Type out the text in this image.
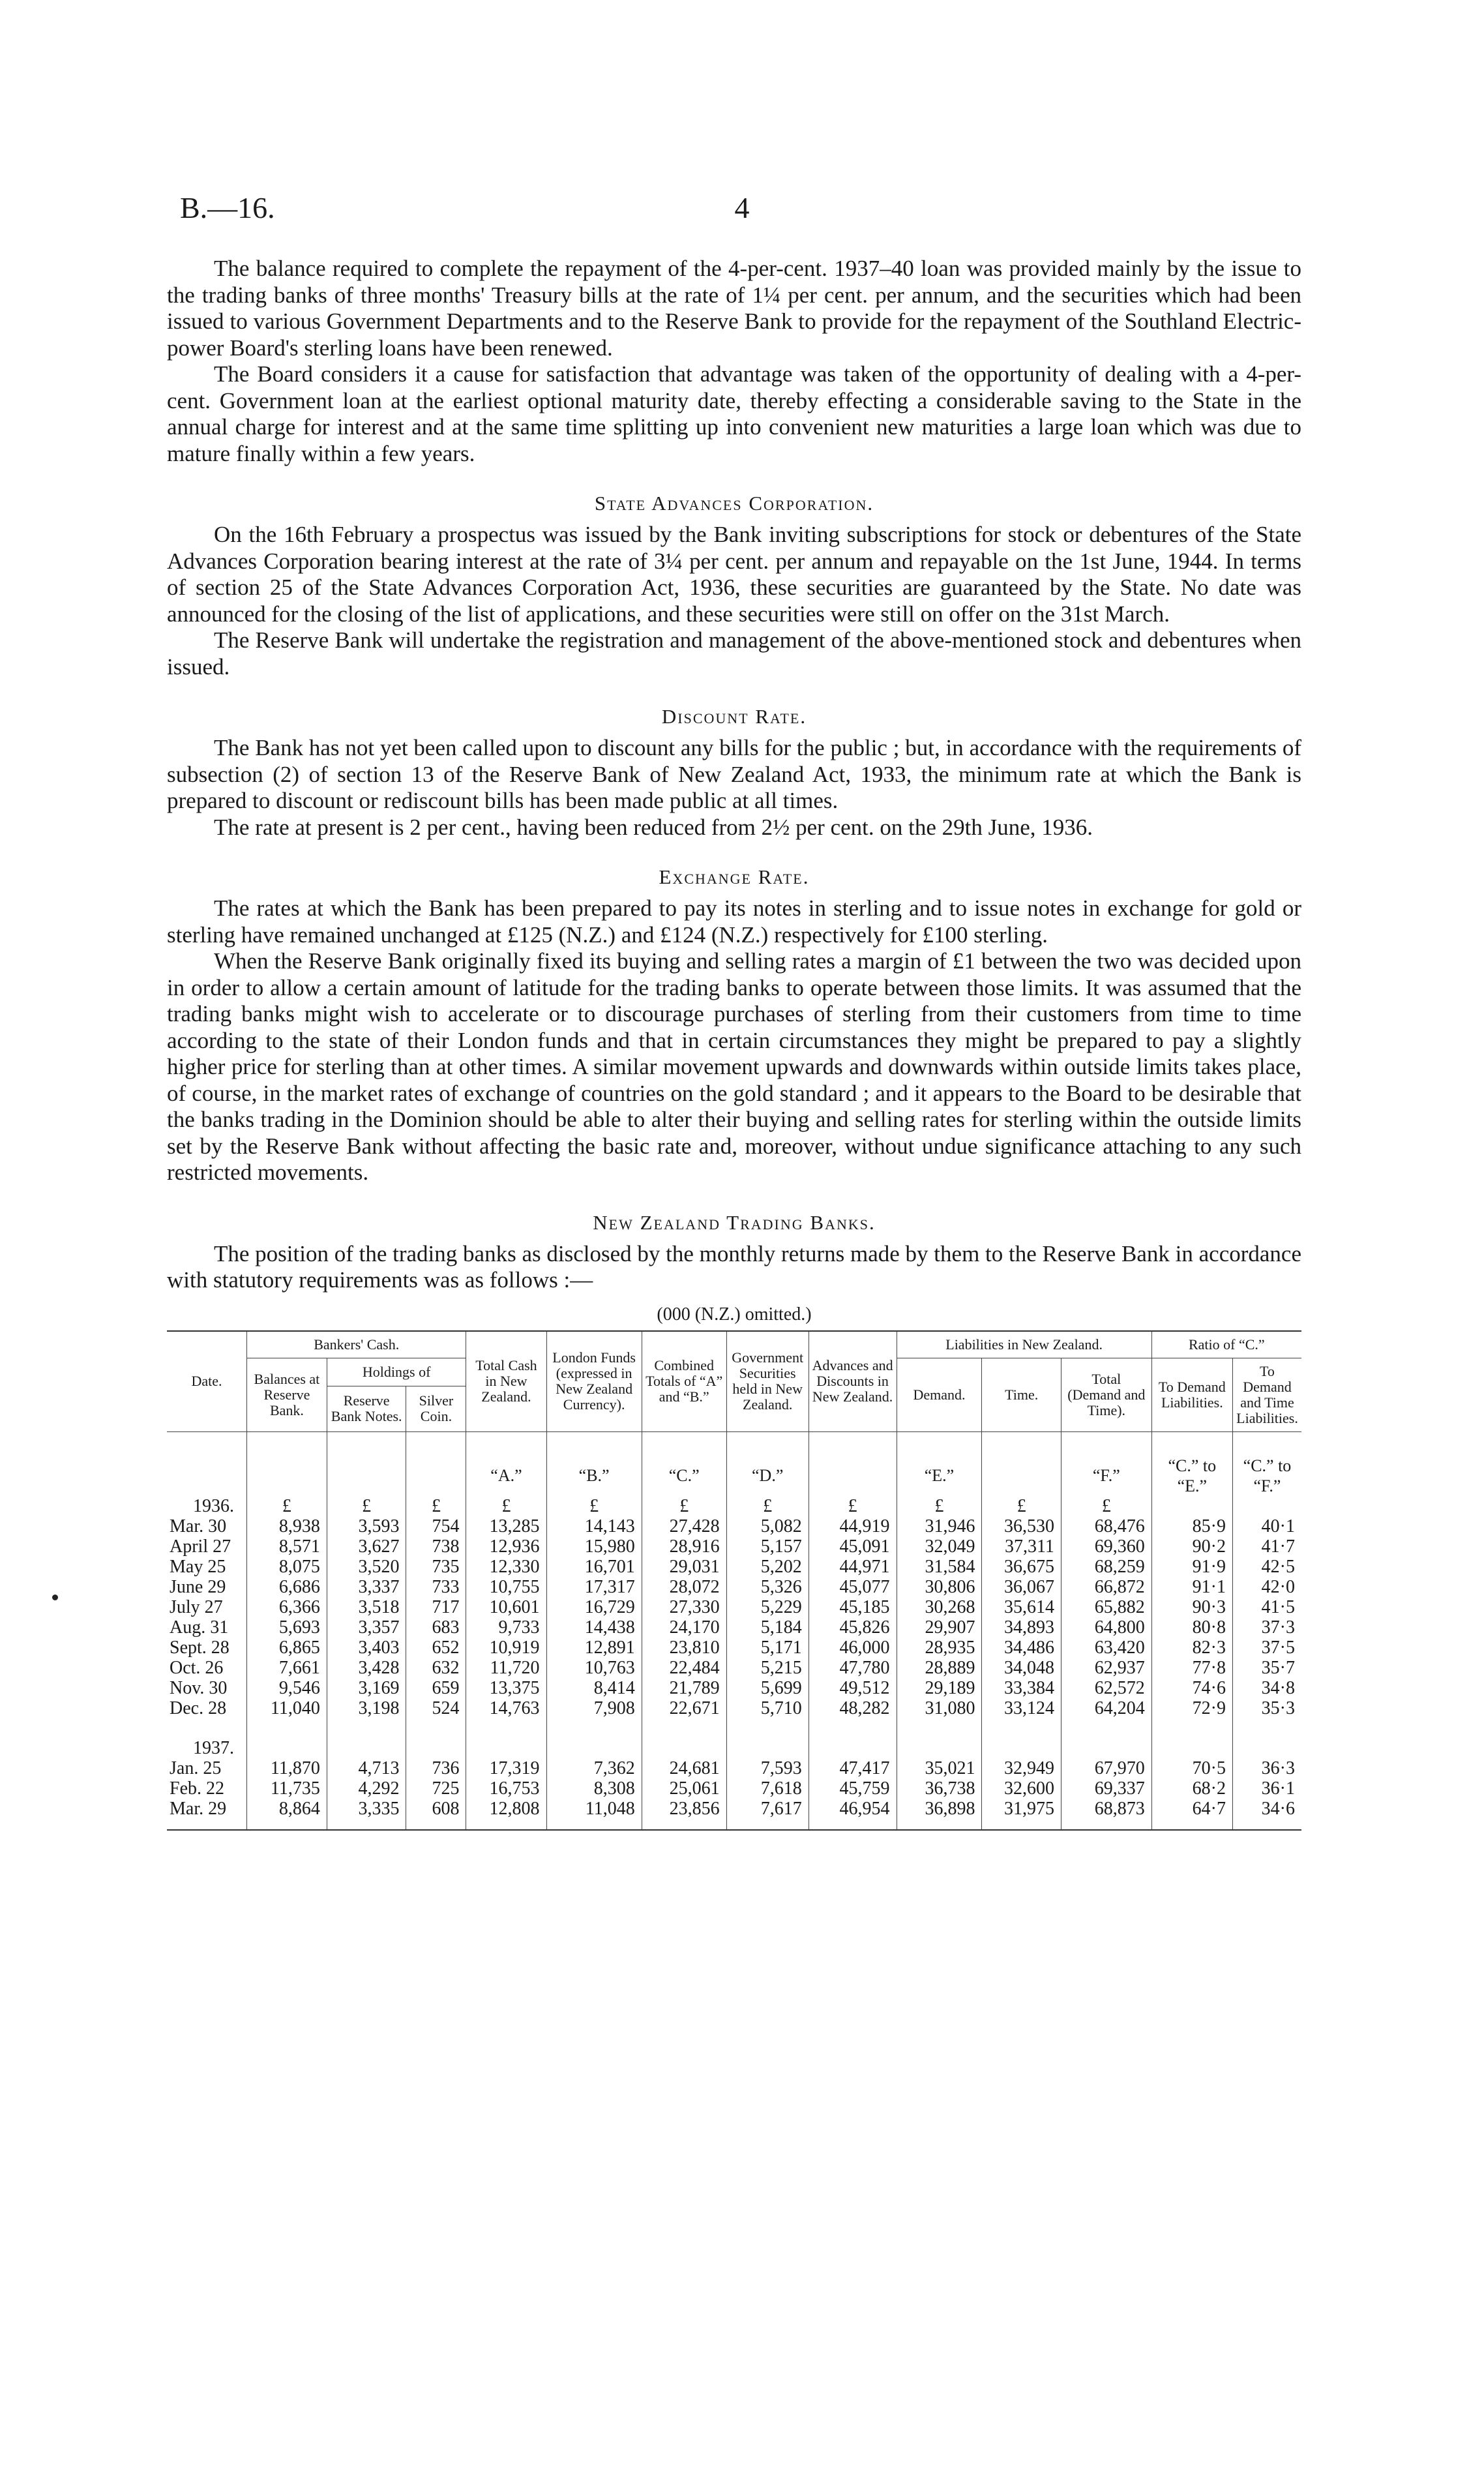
B.—16.	4

The balance required to complete the repayment of the 4-per-cent. 1937–40 loan was provided mainly by the issue to the trading banks of three months' Treasury bills at the rate of 1¼ per cent. per annum, and the securities which had been issued to various Government Departments and to the Reserve Bank to provide for the repayment of the Southland Electric-power Board's sterling loans have been renewed.

The Board considers it a cause for satisfaction that advantage was taken of the opportunity of dealing with a 4-per-cent. Government loan at the earliest optional maturity date, thereby effecting a considerable saving to the State in the annual charge for interest and at the same time splitting up into convenient new maturities a large loan which was due to mature finally within a few years.

State Advances Corporation.

On the 16th February a prospectus was issued by the Bank inviting subscriptions for stock or debentures of the State Advances Corporation bearing interest at the rate of 3¼ per cent. per annum and repayable on the 1st June, 1944. In terms of section 25 of the State Advances Corporation Act, 1936, these securities are guaranteed by the State. No date was announced for the closing of the list of applications, and these securities were still on offer on the 31st March.

The Reserve Bank will undertake the registration and management of the above-mentioned stock and debentures when issued.

Discount Rate.

The Bank has not yet been called upon to discount any bills for the public ; but, in accordance with the requirements of subsection (2) of section 13 of the Reserve Bank of New Zealand Act, 1933, the minimum rate at which the Bank is prepared to discount or rediscount bills has been made public at all times.

The rate at present is 2 per cent., having been reduced from 2½ per cent. on the 29th June, 1936.

Exchange Rate.

The rates at which the Bank has been prepared to pay its notes in sterling and to issue notes in exchange for gold or sterling have remained unchanged at £125 (N.Z.) and £124 (N.Z.) respectively for £100 sterling.

When the Reserve Bank originally fixed its buying and selling rates a margin of £1 between the two was decided upon in order to allow a certain amount of latitude for the trading banks to operate between those limits. It was assumed that the trading banks might wish to accelerate or to discourage purchases of sterling from their customers from time to time according to the state of their London funds and that in certain circumstances they might be prepared to pay a slightly higher price for sterling than at other times. A similar movement upwards and downwards within outside limits takes place, of course, in the market rates of exchange of countries on the gold standard ; and it appears to the Board to be desirable that the banks trading in the Dominion should be able to alter their buying and selling rates for sterling within the outside limits set by the Reserve Bank without affecting the basic rate and, moreover, without undue significance attaching to any such restricted movements.

New Zealand Trading Banks.

The position of the trading banks as disclosed by the monthly returns made by them to the Reserve Bank in accordance with statutory requirements was as follows :—

(000 (N.Z.) omitted.)
Date.	Bankers' Cash.			Total Cash in New Zealand.	London Funds (expressed in New Zealand Currency).	Combined Totals of “A” and “B.”	Government Securities held in New Zealand.	Advances and Discounts in New Zealand.	Liabilities in New Zealand.			Ratio of “C.”	
	Balances at Reserve Bank.	Holdings of							Demand.	Time.	Total (Demand and Time).	To Demand Liabilities.	To Demand and Time Liabilities.
		Reserve Bank Notes.	Silver Coin.										
				“A.”	“B.”	“C.”	“D.”		“E.”		“F.”	“C.” to “E.”	“C.” to “F.”
1936.	£	£	£	£	£	£	£	£	£	£	£		
Mar. 30	8,938	3,593	754	13,285	14,143	27,428	5,082	44,919	31,946	36,530	68,476	85·9	40·1
April 27	8,571	3,627	738	12,936	15,980	28,916	5,157	45,091	32,049	37,311	69,360	90·2	41·7
May 25	8,075	3,520	735	12,330	16,701	29,031	5,202	44,971	31,584	36,675	68,259	91·9	42·5
June 29	6,686	3,337	733	10,755	17,317	28,072	5,326	45,077	30,806	36,067	66,872	91·1	42·0
July 27	6,366	3,518	717	10,601	16,729	27,330	5,229	45,185	30,268	35,614	65,882	90·3	41·5
Aug. 31	5,693	3,357	683	9,733	14,438	24,170	5,184	45,826	29,907	34,893	64,800	80·8	37·3
Sept. 28	6,865	3,403	652	10,919	12,891	23,810	5,171	46,000	28,935	34,486	63,420	82·3	37·5
Oct. 26	7,661	3,428	632	11,720	10,763	22,484	5,215	47,780	28,889	34,048	62,937	77·8	35·7
Nov. 30	9,546	3,169	659	13,375	8,414	21,789	5,699	49,512	29,189	33,384	62,572	74·6	34·8
Dec. 28	11,040	3,198	524	14,763	7,908	22,671	5,710	48,282	31,080	33,124	64,204	72·9	35·3

1937.													
Jan. 25	11,870	4,713	736	17,319	7,362	24,681	7,593	47,417	35,021	32,949	67,970	70·5	36·3
Feb. 22	11,735	4,292	725	16,753	8,308	25,061	7,618	45,759	36,738	32,600	69,337	68·2	36·1
Mar. 29	8,864	3,335	608	12,808	11,048	23,856	7,617	46,954	36,898	31,975	68,873	64·7	34·6
